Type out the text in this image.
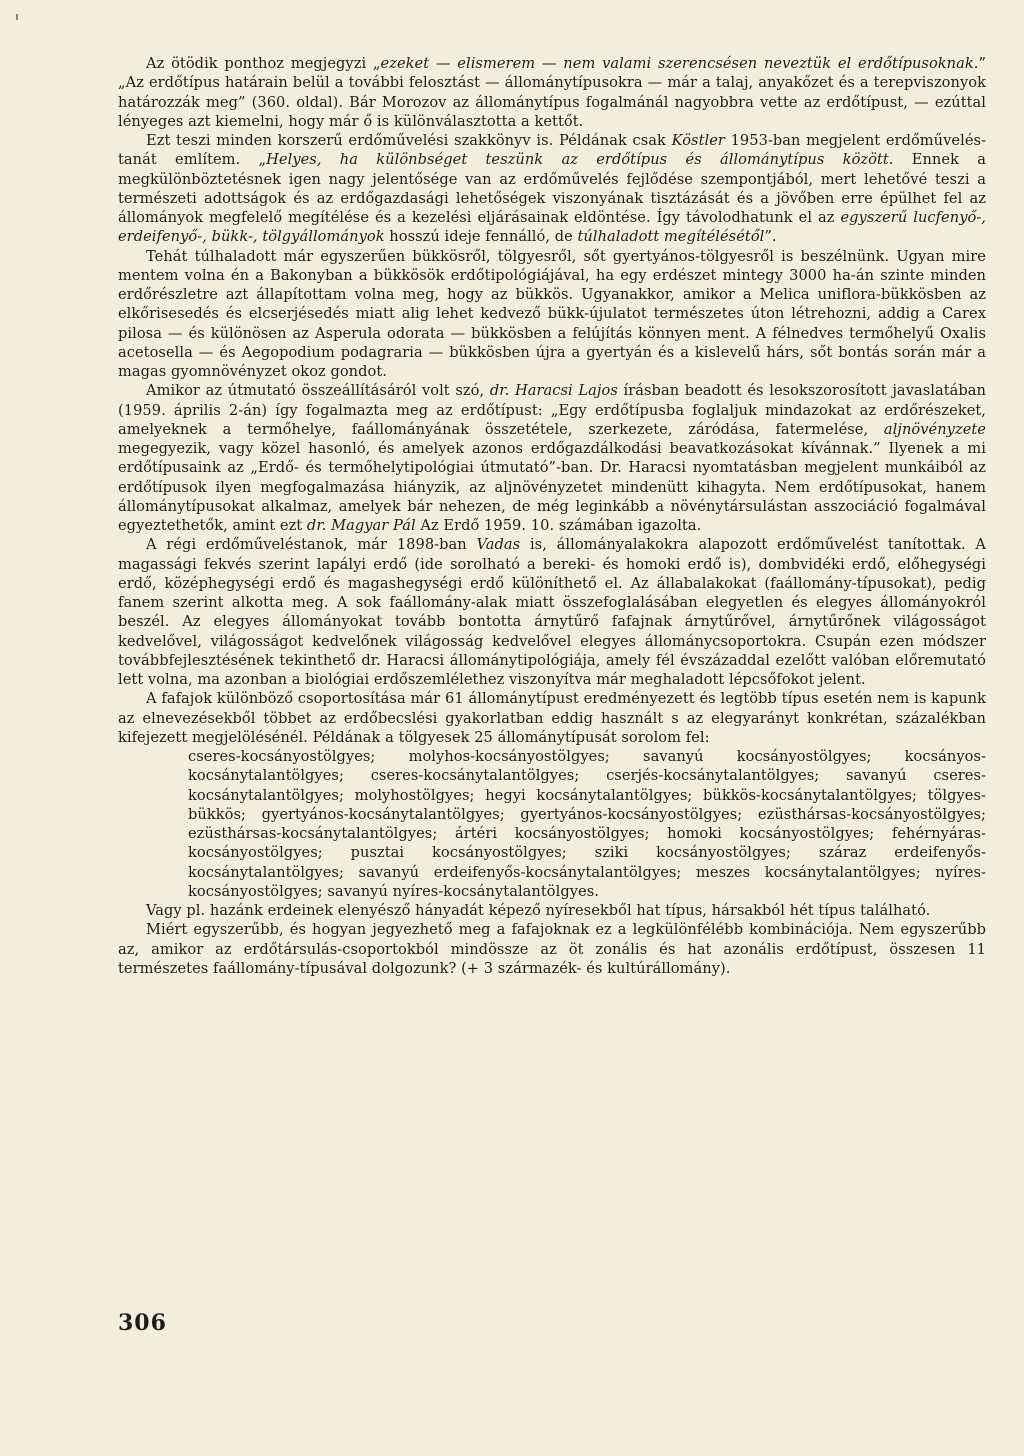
Az ötödik ponthoz megjegyzi „ezeket — elismerem — nem valami szerencsésen neveztük el erdőtípusoknak.” „Az erdőtípus határain belül a további felosztást — állománytípusokra — már a talaj, anyakőzet és a terepviszonyok határozzák meg” (360. oldal). Bár Morozov az állománytípus fogalmánál nagyobbra vette az erdőtípust, — ezúttal lényeges azt kiemelni, hogy már ő is különválasztotta a kettőt.

Ezt teszi minden korszerű erdőművelési szakkönyv is. Példának csak Köstler 1953-ban megjelent erdőműveléstanát említem. „Helyes, ha különbséget teszünk az erdőtípus és állománytípus között. Ennek a megkülönböztetésnek igen nagy jelentősége van az erdőművelés fejlődése szempontjából, mert lehetővé teszi a természeti adottságok és az erdőgazdasági lehetőségek viszonyának tisztázását és a jövőben erre épülhet fel az állományok megfelelő megítélése és a kezelési eljárásainak eldöntése. Így távolodhatunk el az egyszerű lucfenyő-, erdeifenyő-, bükk-, tölgyállományok hosszú ideje fennálló, de túlhaladott megítélésétől”.

Tehát túlhaladott már egyszerűen bükkösről, tölgyesről, sőt gyertyános-tölgyesről is beszélnünk. Ugyan mire mentem volna én a Bakonyban a bükkösök erdőtipológiájával, ha egy erdészet mintegy 3000 ha-án szinte minden erdőrészletre azt állapítottam volna meg, hogy az bükkös. Ugyanakkor, amikor a Melica uniflora-bükkösben az elkőrisesedés és elcserjésedés miatt alig lehet kedvező bükk-újulatot természetes úton létrehozni, addig a Carex pilosa — és különösen az Asperula odorata — bükkösben a felújítás könnyen ment. A félnedves termőhelyű Oxalis acetosella — és Aegopodium podagraria — bükkösben újra a gyertyán és a kislevelű hárs, sőt bontás során már a magas gyomnövényzet okoz gondot.

Amikor az útmutató összeállításáról volt szó, dr. Haracsi Lajos írásban beadott és lesokszorosított javaslatában (1959. április 2-án) így fogalmazta meg az erdőtípust: „Egy erdőtípusba foglaljuk mindazokat az erdőrészeket, amelyeknek a termőhelye, faállományának összetétele, szerkezete, záródása, fatermelése, aljnövényzete megegyezik, vagy közel hasonló, és amelyek azonos erdőgazdálkodási beavatkozásokat kívánnak.” Ilyenek a mi erdőtípusaink az „Erdő- és termőhelytipológiai útmutató”-ban. Dr. Haracsi nyomtatásban megjelent munkáiból az erdőtípusok ilyen megfogalmazása hiányzik, az aljnövényzetet mindenütt kihagyta. Nem erdőtípusokat, hanem állománytípusokat alkalmaz, amelyek bár nehezen, de még leginkább a növénytársulástan asszociáció fogalmával egyeztethetők, amint ezt dr. Magyar Pál Az Erdő 1959. 10. számában igazolta.

A régi erdőműveléstanok, már 1898-ban Vadas is, állományalakokra alapozott erdőművelést tanítottak. A magassági fekvés szerint lapályi erdő (ide sorolható a bereki- és homoki erdő is), dombvidéki erdő, előhegységi erdő, középhegységi erdő és magashegységi erdő különíthető el. Az állabalakokat (faállomány-típusokat), pedig fanem szerint alkotta meg. A sok faállomány-alak miatt összefoglalásában elegyetlen és elegyes állományokról beszél. Az elegyes állományokat tovább bontotta árnytűrő fafajnak árnytűrővel, árnytűrőnek világosságot kedvelővel, világosságot kedvelőnek világosság kedvelővel elegyes állománycsoportokra. Csupán ezen módszer továbbfejlesztésének tekinthető dr. Haracsi állománytipológiája, amely fél évszázaddal ezelőtt valóban előremutató lett volna, ma azonban a biológiai erdőszemlélethez viszonyítva már meghaladott lépcsőfokot jelent.

A fafajok különböző csoportosítása már 61 állománytípust eredményezett és legtöbb típus esetén nem is kapunk az elnevezésekből többet az erdőbecslési gyakorlatban eddig használt s az elegyarányt konkrétan, százalékban kifejezett megjelölésénél. Példának a tölgyesek 25 állománytípusát sorolom fel:

cseres-kocsányostölgyes; molyhos-kocsányostölgyes; savanyú kocsányostölgyes; kocsányos-kocsánytalantölgyes; cseres-kocsánytalantölgyes; cserjés-kocsánytalantölgyes; savanyú cseres-kocsánytalantölgyes; molyhostölgyes; hegyi kocsánytalantölgyes; bükkös-kocsánytalantölgyes; tölgyes-bükkös; gyertyános-kocsánytalantölgyes; gyertyános-kocsányostölgyes; ezüsthársas-kocsányostölgyes; ezüsthársas-kocsánytalantölgyes; ártéri kocsányostölgyes; homoki kocsányostölgyes; fehérnyáras-kocsányostölgyes; pusztai kocsányostölgyes; sziki kocsányostölgyes; száraz erdeifenyős-kocsánytalantölgyes; savanyú erdeifenyős-kocsánytalantölgyes; meszes kocsánytalantölgyes; nyíres-kocsányostölgyes; savanyú nyíres-kocsánytalantölgyes.

Vagy pl. hazánk erdeinek elenyésző hányadát képező nyíresekből hat típus, hársakból hét típus található.

Miért egyszerűbb, és hogyan jegyezhető meg a fafajoknak ez a legkülönfélébb kombinációja. Nem egyszerűbb az, amikor az erdőtársulás-csoportokból mindössze az öt zonális és hat azonális erdőtípust, összesen 11 természetes faállomány-típusával dolgozunk? (+ 3 származék- és kultúrállomány).

306
